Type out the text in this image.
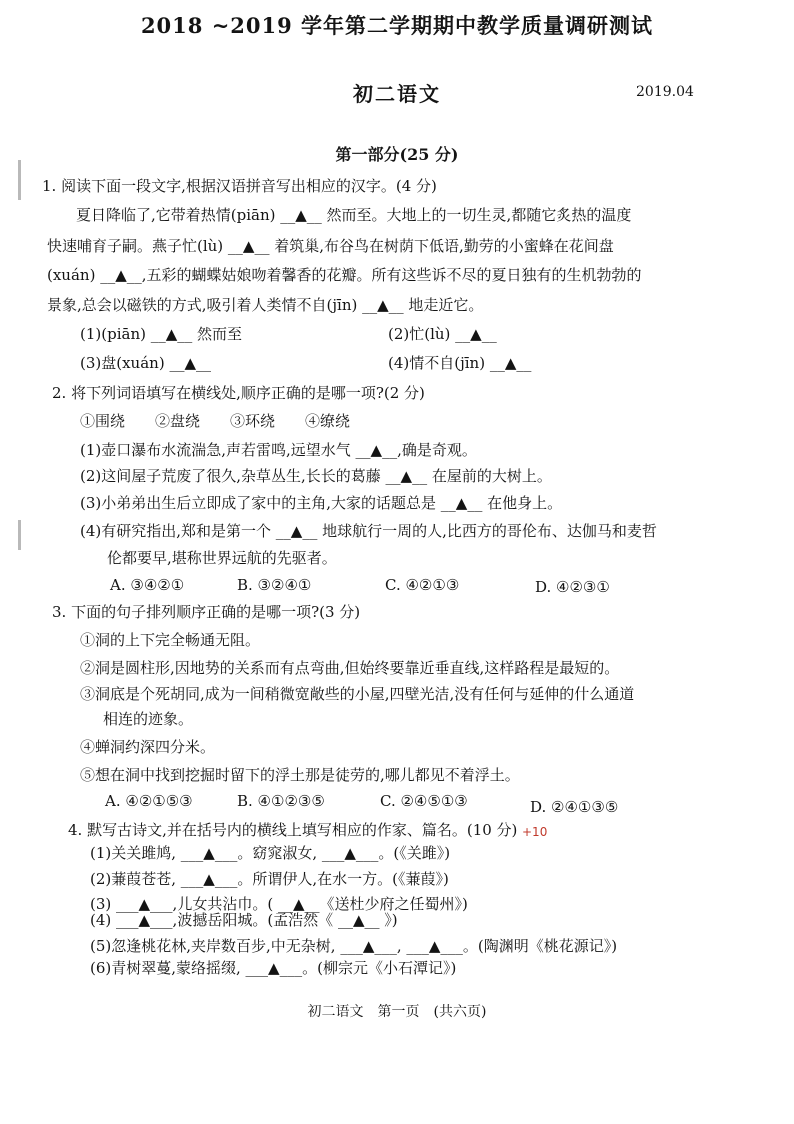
2018 ~2019 学年第二学期期中教学质量调研测试
初二语文	2019.04
第一部分(25 分)
1. 阅读下面一段文字,根据汉语拼音写出相应的汉字。(4 分)
夏日降临了,它带着热情(piān) __▲__ 然而至。大地上的一切生灵,都随它炙热的温度
快速哺育子嗣。燕子忙(lù) __▲__ 着筑巢,布谷鸟在树荫下低语,勤劳的小蜜蜂在花间盘
(xuán) __▲__,五彩的蝴蝶姑娘吻着馨香的花瓣。所有这些诉不尽的夏日独有的生机勃勃的
景象,总会以磁铁的方式,吸引着人类情不自(jīn) __▲__ 地走近它。
(1)(piān) __▲__ 然而至	(2)忙(lù) __▲__
(3)盘(xuán) __▲__	(4)情不自(jīn) __▲__
2. 将下列词语填写在横线处,顺序正确的是哪一项?(2 分)
①围绕　　②盘绕　　③环绕　　④缭绕
(1)壶口瀑布水流湍急,声若雷鸣,远望水气 __▲__,确是奇观。
(2)这间屋子荒废了很久,杂草丛生,长长的葛藤 __▲__ 在屋前的大树上。
(3)小弟弟出生后立即成了家中的主角,大家的话题总是 __▲__ 在他身上。
(4)有研究指出,郑和是第一个 __▲__ 地球航行一周的人,比西方的哥伦布、达伽马和麦哲
伦都要早,堪称世界远航的先驱者。
A. ③④②①	B. ③②④①	C. ④②①③	D. ④②③①
3. 下面的句子排列顺序正确的是哪一项?(3 分)
①洞的上下完全畅通无阻。
②洞是圆柱形,因地势的关系而有点弯曲,但始终要靠近垂直线,这样路程是最短的。
③洞底是个死胡同,成为一间稍微宽敞些的小屋,四壁光洁,没有任何与延伸的什么通道
相连的迹象。
④蝉洞约深四分米。
⑤想在洞中找到挖掘时留下的浮土那是徒劳的,哪儿都见不着浮土。
A. ④②①⑤③	B. ④①②③⑤	C. ②④⑤①③	D. ②④①③⑤
4. 默写古诗文,并在括号内的横线上填写相应的作家、篇名。(10 分) +10
(1)关关雎鸠, ___▲___。窈窕淑女, ___▲___。(《关雎》)
(2)蒹葭苍苍, ___▲___。所谓伊人,在水一方。(《蒹葭》)
(3) ___▲___,儿女共沾巾。( __▲__《送杜少府之任蜀州》)
(4) ___▲___,波撼岳阳城。(孟浩然《 __▲__ 》)
(5)忽逢桃花林,夹岸数百步,中无杂树, ___▲___, ___▲___。(陶渊明《桃花源记》)
(6)青树翠蔓,蒙络摇缀, ___▲___。(柳宗元《小石潭记》)
初二语文　第一页　(共六页)
